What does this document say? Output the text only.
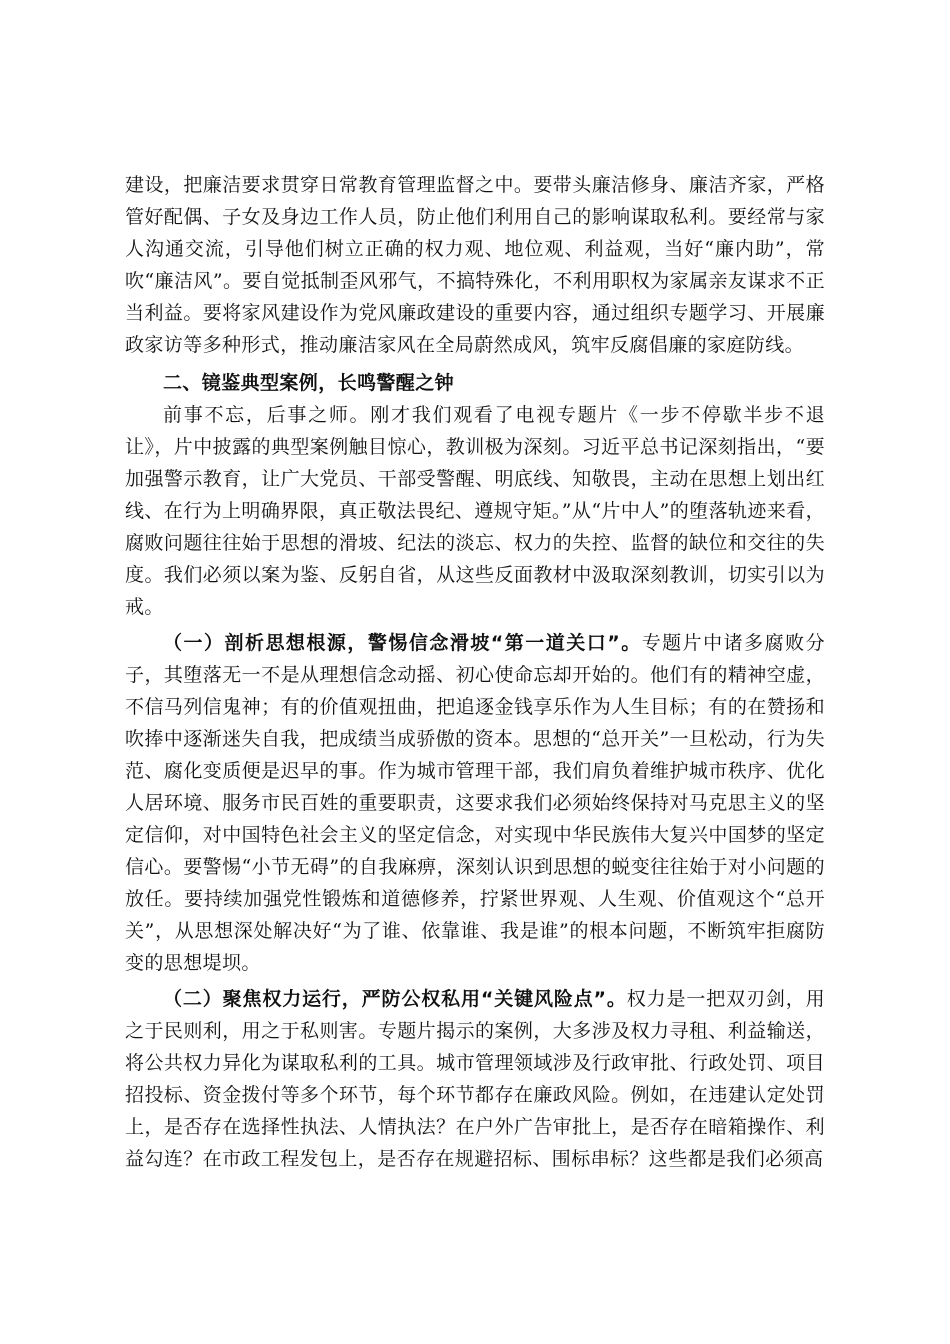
建设，把廉洁要求贯穿日常教育管理监督之中。要带头廉洁修身、廉洁齐家，严格管好配偶、子女及身边工作人员，防止他们利用自己的影响谋取私利。要经常与家人沟通交流，引导他们树立正确的权力观、地位观、利益观，当好“廉内助”，常吹“廉洁风”。要自觉抵制歪风邪气，不搞特殊化，不利用职权为家属亲友谋求不正当利益。要将家风建设作为党风廉政建设的重要内容，通过组织专题学习、开展廉政家访等多种形式，推动廉洁家风在全局蔚然成风，筑牢反腐倡廉的家庭防线。

二、镜鉴典型案例，长鸣警醒之钟

前事不忘，后事之师。刚才我们观看了电视专题片《一步不停歇半步不退让》，片中披露的典型案例触目惊心，教训极为深刻。习近平总书记深刻指出，“要加强警示教育，让广大党员、干部受警醒、明底线、知敬畏，主动在思想上划出红线、在行为上明确界限，真正敬法畏纪、遵规守矩。”从“片中人”的堕落轨迹来看，腐败问题往往始于思想的滑坡、纪法的淡忘、权力的失控、监督的缺位和交往的失度。我们必须以案为鉴、反躬自省，从这些反面教材中汲取深刻教训，切实引以为戒。

（一）剖析思想根源，警惕信念滑坡“第一道关口”。专题片中诸多腐败分子，其堕落无一不是从理想信念动摇、初心使命忘却开始的。他们有的精神空虚，不信马列信鬼神；有的价值观扭曲，把追逐金钱享乐作为人生目标；有的在赞扬和吹捧中逐渐迷失自我，把成绩当成骄傲的资本。思想的“总开关”一旦松动，行为失范、腐化变质便是迟早的事。作为城市管理干部，我们肩负着维护城市秩序、优化人居环境、服务市民百姓的重要职责，这要求我们必须始终保持对马克思主义的坚定信仰，对中国特色社会主义的坚定信念，对实现中华民族伟大复兴中国梦的坚定信心。要警惕“小节无碍”的自我麻痹，深刻认识到思想的蜕变往往始于对小问题的放任。要持续加强党性锻炼和道德修养，拧紧世界观、人生观、价值观这个“总开关”，从思想深处解决好“为了谁、依靠谁、我是谁”的根本问题，不断筑牢拒腐防变的思想堤坝。

（二）聚焦权力运行，严防公权私用“关键风险点”。权力是一把双刃剑，用之于民则利，用之于私则害。专题片揭示的案例，大多涉及权力寻租、利益输送，将公共权力异化为谋取私利的工具。城市管理领域涉及行政审批、行政处罚、项目招投标、资金拨付等多个环节，每个环节都存在廉政风险。例如，在违建认定处罚上，是否存在选择性执法、人情执法？在户外广告审批上，是否存在暗箱操作、利益勾连？在市政工程发包上，是否存在规避招标、围标串标？这些都是我们必须高
